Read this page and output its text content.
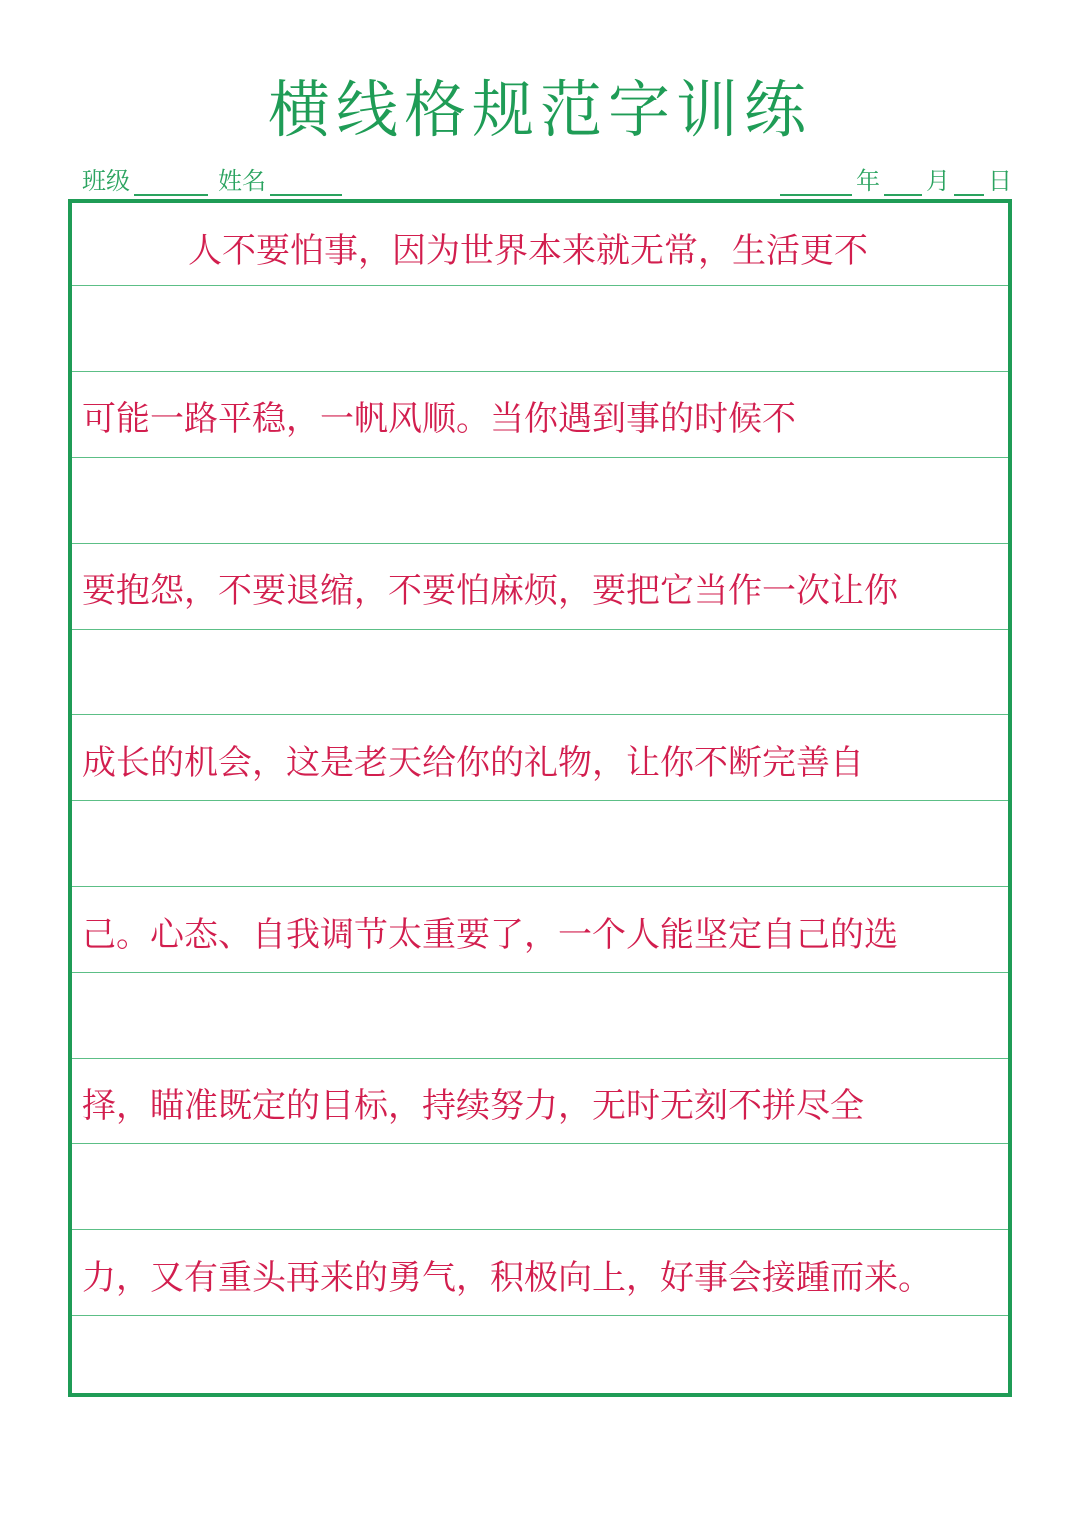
横线格规范字训练
班级	姓名	年 月 日
人不要怕事，因为世界本来就无常，生活更不
可能一路平稳，一帆风顺。当你遇到事的时候不
要抱怨，不要退缩，不要怕麻烦，要把它当作一次让你
成长的机会，这是老天给你的礼物，让你不断完善自
己。心态、自我调节太重要了，一个人能坚定自己的选
择，瞄准既定的目标，持续努力，无时无刻不拼尽全
力，又有重头再来的勇气，积极向上，好事会接踵而来。
